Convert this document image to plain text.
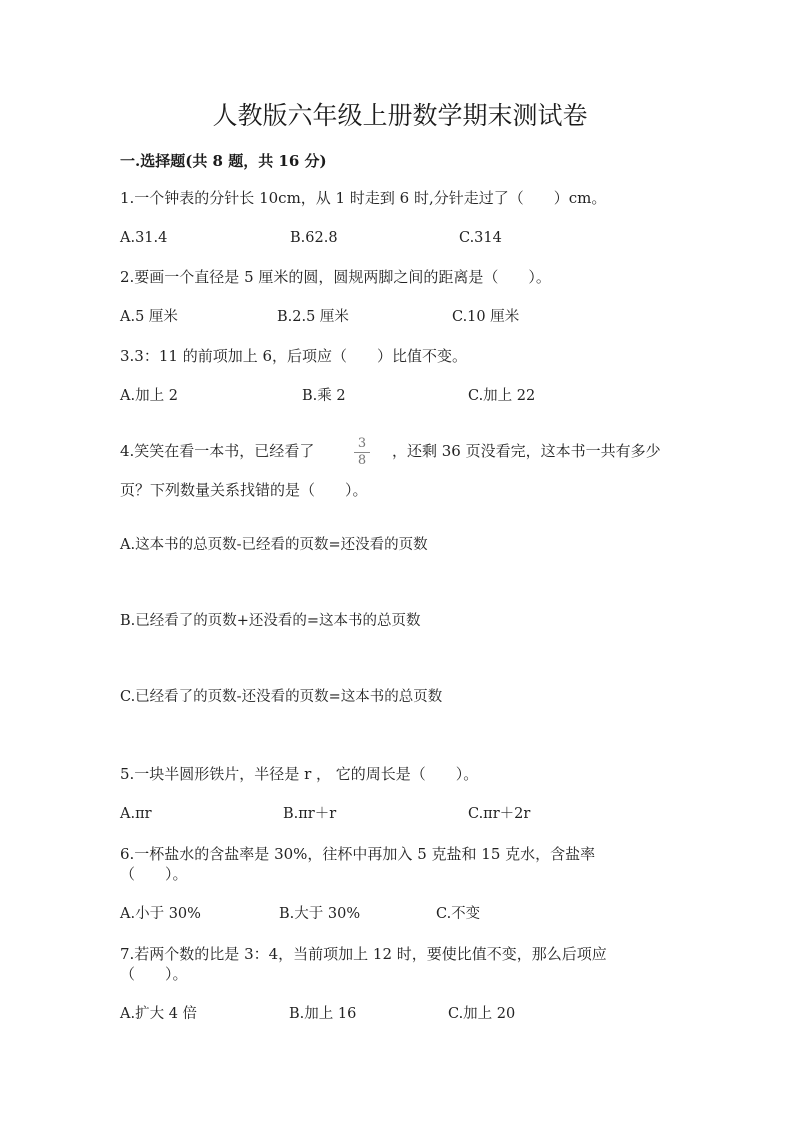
人教版六年级上册数学期末测试卷
一.选择题(共 8 题，共 16 分)
1.一个钟表的分针长 10cm，从 1 时走到 6 时,分针走过了（　　）cm。
A.31.4	B.62.8	C.314
2.要画一个直径是 5 厘米的圆，圆规两脚之间的距离是（　　）。
A.5 厘米	B.2.5 厘米	C.10 厘米
3.3：11 的前项加上 6，后项应（　　）比值不变。
A.加上 2	B.乘 2	C.加上 22
4.笑笑在看一本书，已经看了	3
8
，还剩 36 页没看完，这本书一共有多少
页？下列数量关系找错的是（　　）。
A.这本书的总页数-已经看的页数=还没看的页数
B.已经看了的页数+还没看的=这本书的总页数
C.已经看了的页数-还没看的页数=这本书的总页数
5.一块半圆形铁片，半径是 r ， 它的周长是（　　）。
A.πr	B.πr＋r	C.πr＋2r
6.一杯盐水的含盐率是 30%，往杯中再加入 5 克盐和 15 克水，含盐率
（　　）。
A.小于 30%	B.大于 30%	C.不变
7.若两个数的比是 3：4，当前项加上 12 时，要使比值不变，那么后项应
（　　）。
A.扩大 4 倍	B.加上 16	C.加上 20
